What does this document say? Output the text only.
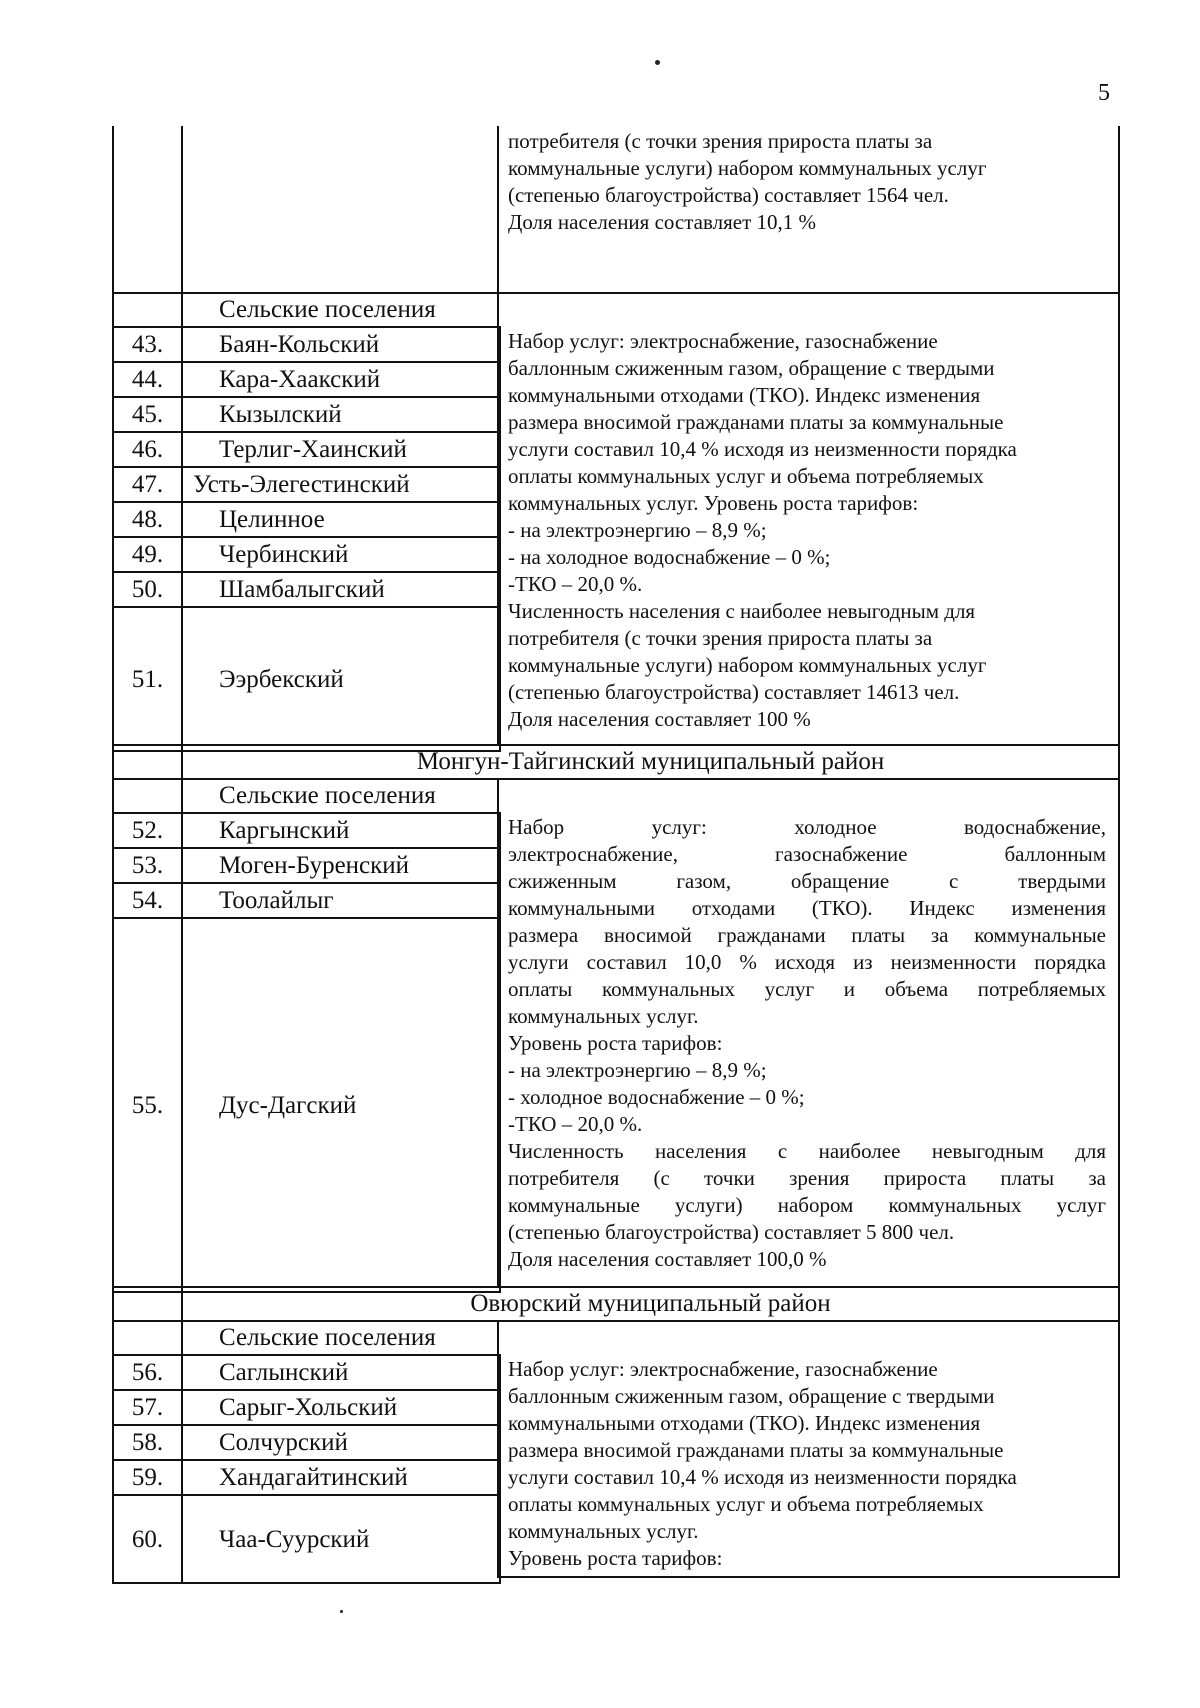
5

потребителя (с точки зрения прироста платы за

коммунальные услуги) набором коммунальных услуг

(степенью благоустройства) составляет 1564 чел.

Доля населения составляет 10,1 %

Сельские поселения
43.	Баян-Кольский
44.	Кара-Хаакский
45.	Кызылский
46.	Терлиг-Хаинский
47.	Усть-Элегестинский
48.	Целинное
49.	Чербинский
50.	Шамбалыгский
51.	Ээрбекский

Набор услуг: электроснабжение, газоснабжение

баллонным сжиженным газом, обращение с твердыми

коммунальными отходами (ТКО). Индекс изменения

размера вносимой гражданами платы за коммунальные

услуги составил 10,4 % исходя из неизменности порядка

оплаты коммунальных услуг и объема потребляемых

коммунальных услуг. Уровень роста тарифов:

- на электроэнергию – 8,9 %;

- на холодное водоснабжение – 0 %;

-ТКО – 20,0 %.

Численность населения с наиболее невыгодным для

потребителя (с точки зрения прироста платы за

коммунальные услуги) набором коммунальных услуг

(степенью благоустройства) составляет 14613 чел.

Доля населения составляет 100 %

Монгун-Тайгинский муниципальный район
Сельские поселения
52.	Каргынский
53.	Моген-Буренский
54.	Тоолайлыг
55.	Дус-Дагский

Набор услуг: холодное водоснабжение,

электроснабжение, газоснабжение баллонным

сжиженным газом, обращение с твердыми

коммунальными отходами (ТКО). Индекс изменения

размера вносимой гражданами платы за коммунальные

услуги составил 10,0 % исходя из неизменности порядка

оплаты коммунальных услуг и объема потребляемых

коммунальных услуг.

Уровень роста тарифов:

- на электроэнергию – 8,9 %;

- холодное водоснабжение – 0 %;

-ТКО – 20,0 %.

Численность населения с наиболее невыгодным для

потребителя (с точки зрения прироста платы за

коммунальные услуги) набором коммунальных услуг

(степенью благоустройства) составляет 5 800 чел.

Доля населения составляет 100,0 %

Овюрский муниципальный район
Сельские поселения
56.	Саглынский
57.	Сарыг-Хольский
58.	Солчурский
59.	Хандагайтинский
60.	Чаа-Суурский

Набор услуг: электроснабжение, газоснабжение

баллонным сжиженным газом, обращение с твердыми

коммунальными отходами (ТКО). Индекс изменения

размера вносимой гражданами платы за коммунальные

услуги составил 10,4 % исходя из неизменности порядка

оплаты коммунальных услуг и объема потребляемых

коммунальных услуг.

Уровень роста тарифов:
